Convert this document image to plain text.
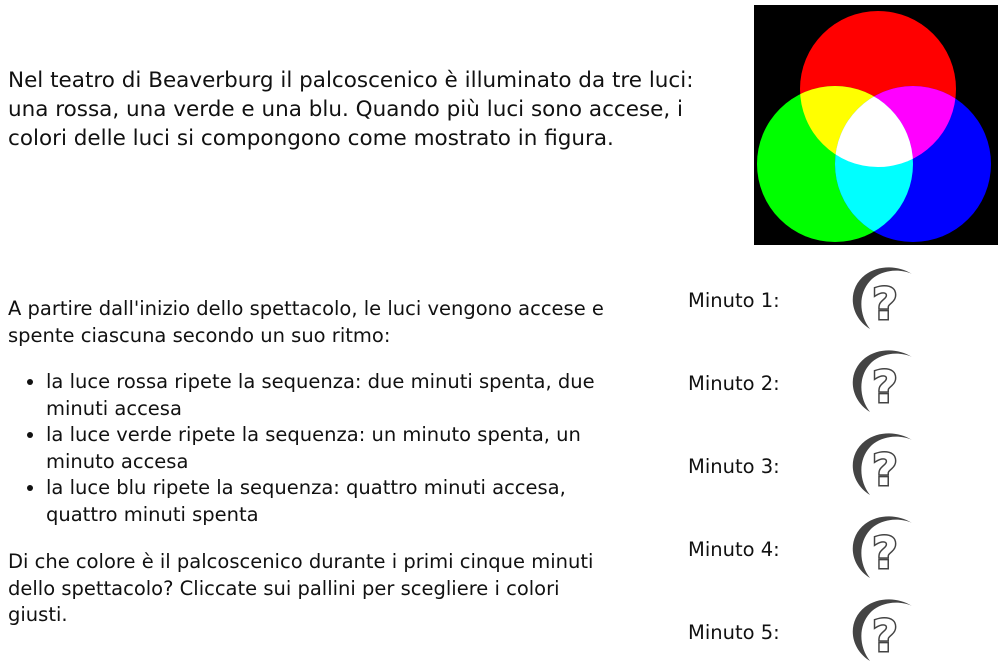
Nel teatro di Beaverburg il palcoscenico è illuminato da tre luci: una rossa, una verde e una blu. Quando più luci sono accese, i colori delle luci si compongono come mostrato in figura.

A partire dall'inizio dello spettacolo, le luci vengono accese e spente ciascuna secondo un suo ritmo:

• la luce rossa ripete la sequenza: due minuti spenta, due minuti accesa
• la luce verde ripete la sequenza: un minuto spenta, un minuto accesa
• la luce blu ripete la sequenza: quattro minuti accesa, quattro minuti spenta

Di che colore è il palcoscenico durante i primi cinque minuti dello spettacolo? Cliccate sui pallini per scegliere i colori giusti.

Minuto 1:
Minuto 2:
Minuto 3:
Minuto 4:
Minuto 5:
?
?
?
?
?
